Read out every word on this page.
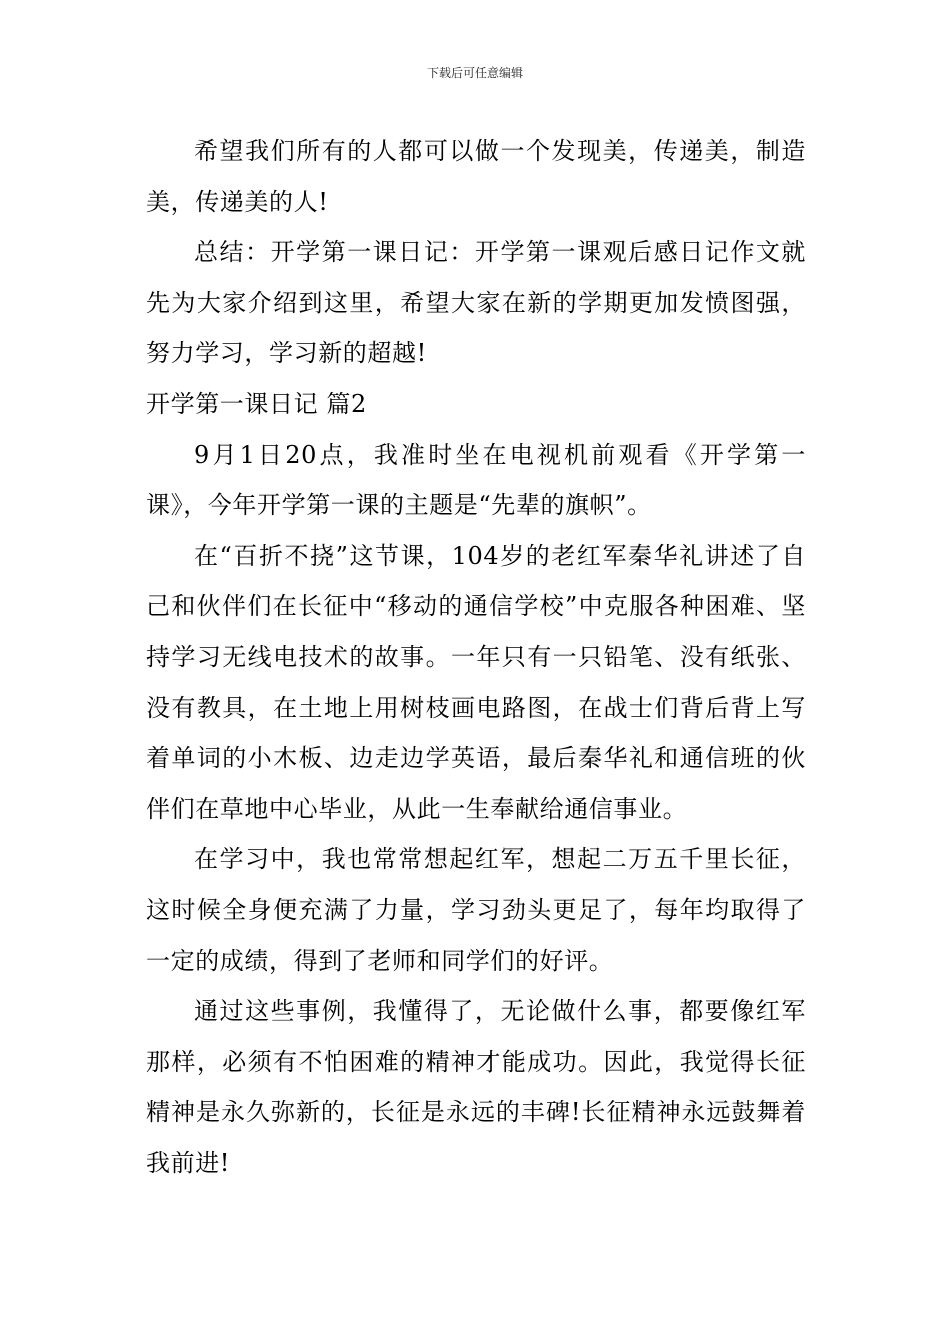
下载后可任意编辑

希望我们所有的人都可以做一个发现美，传递美，制造美，传递美的人!

总结：开学第一课日记：开学第一课观后感日记作文就先为大家介绍到这里，希望大家在新的学期更加发愤图强，努力学习，学习新的超越!

开学第一课日记 篇2

9月1日20点，我准时坐在电视机前观看《开学第一课》，今年开学第一课的主题是“先辈的旗帜”。

在“百折不挠”这节课，104岁的老红军秦华礼讲述了自己和伙伴们在长征中“移动的通信学校”中克服各种困难、坚持学习无线电技术的故事。一年只有一只铅笔、没有纸张、没有教具，在土地上用树枝画电路图，在战士们背后背上写着单词的小木板、边走边学英语，最后秦华礼和通信班的伙伴们在草地中心毕业，从此一生奉献给通信事业。

在学习中，我也常常想起红军，想起二万五千里长征，这时候全身便充满了力量，学习劲头更足了，每年均取得了一定的成绩，得到了老师和同学们的好评。

通过这些事例，我懂得了，无论做什么事，都要像红军那样，必须有不怕困难的精神才能成功。因此，我觉得长征精神是永久弥新的，长征是永远的丰碑!长征精神永远鼓舞着我前进!
